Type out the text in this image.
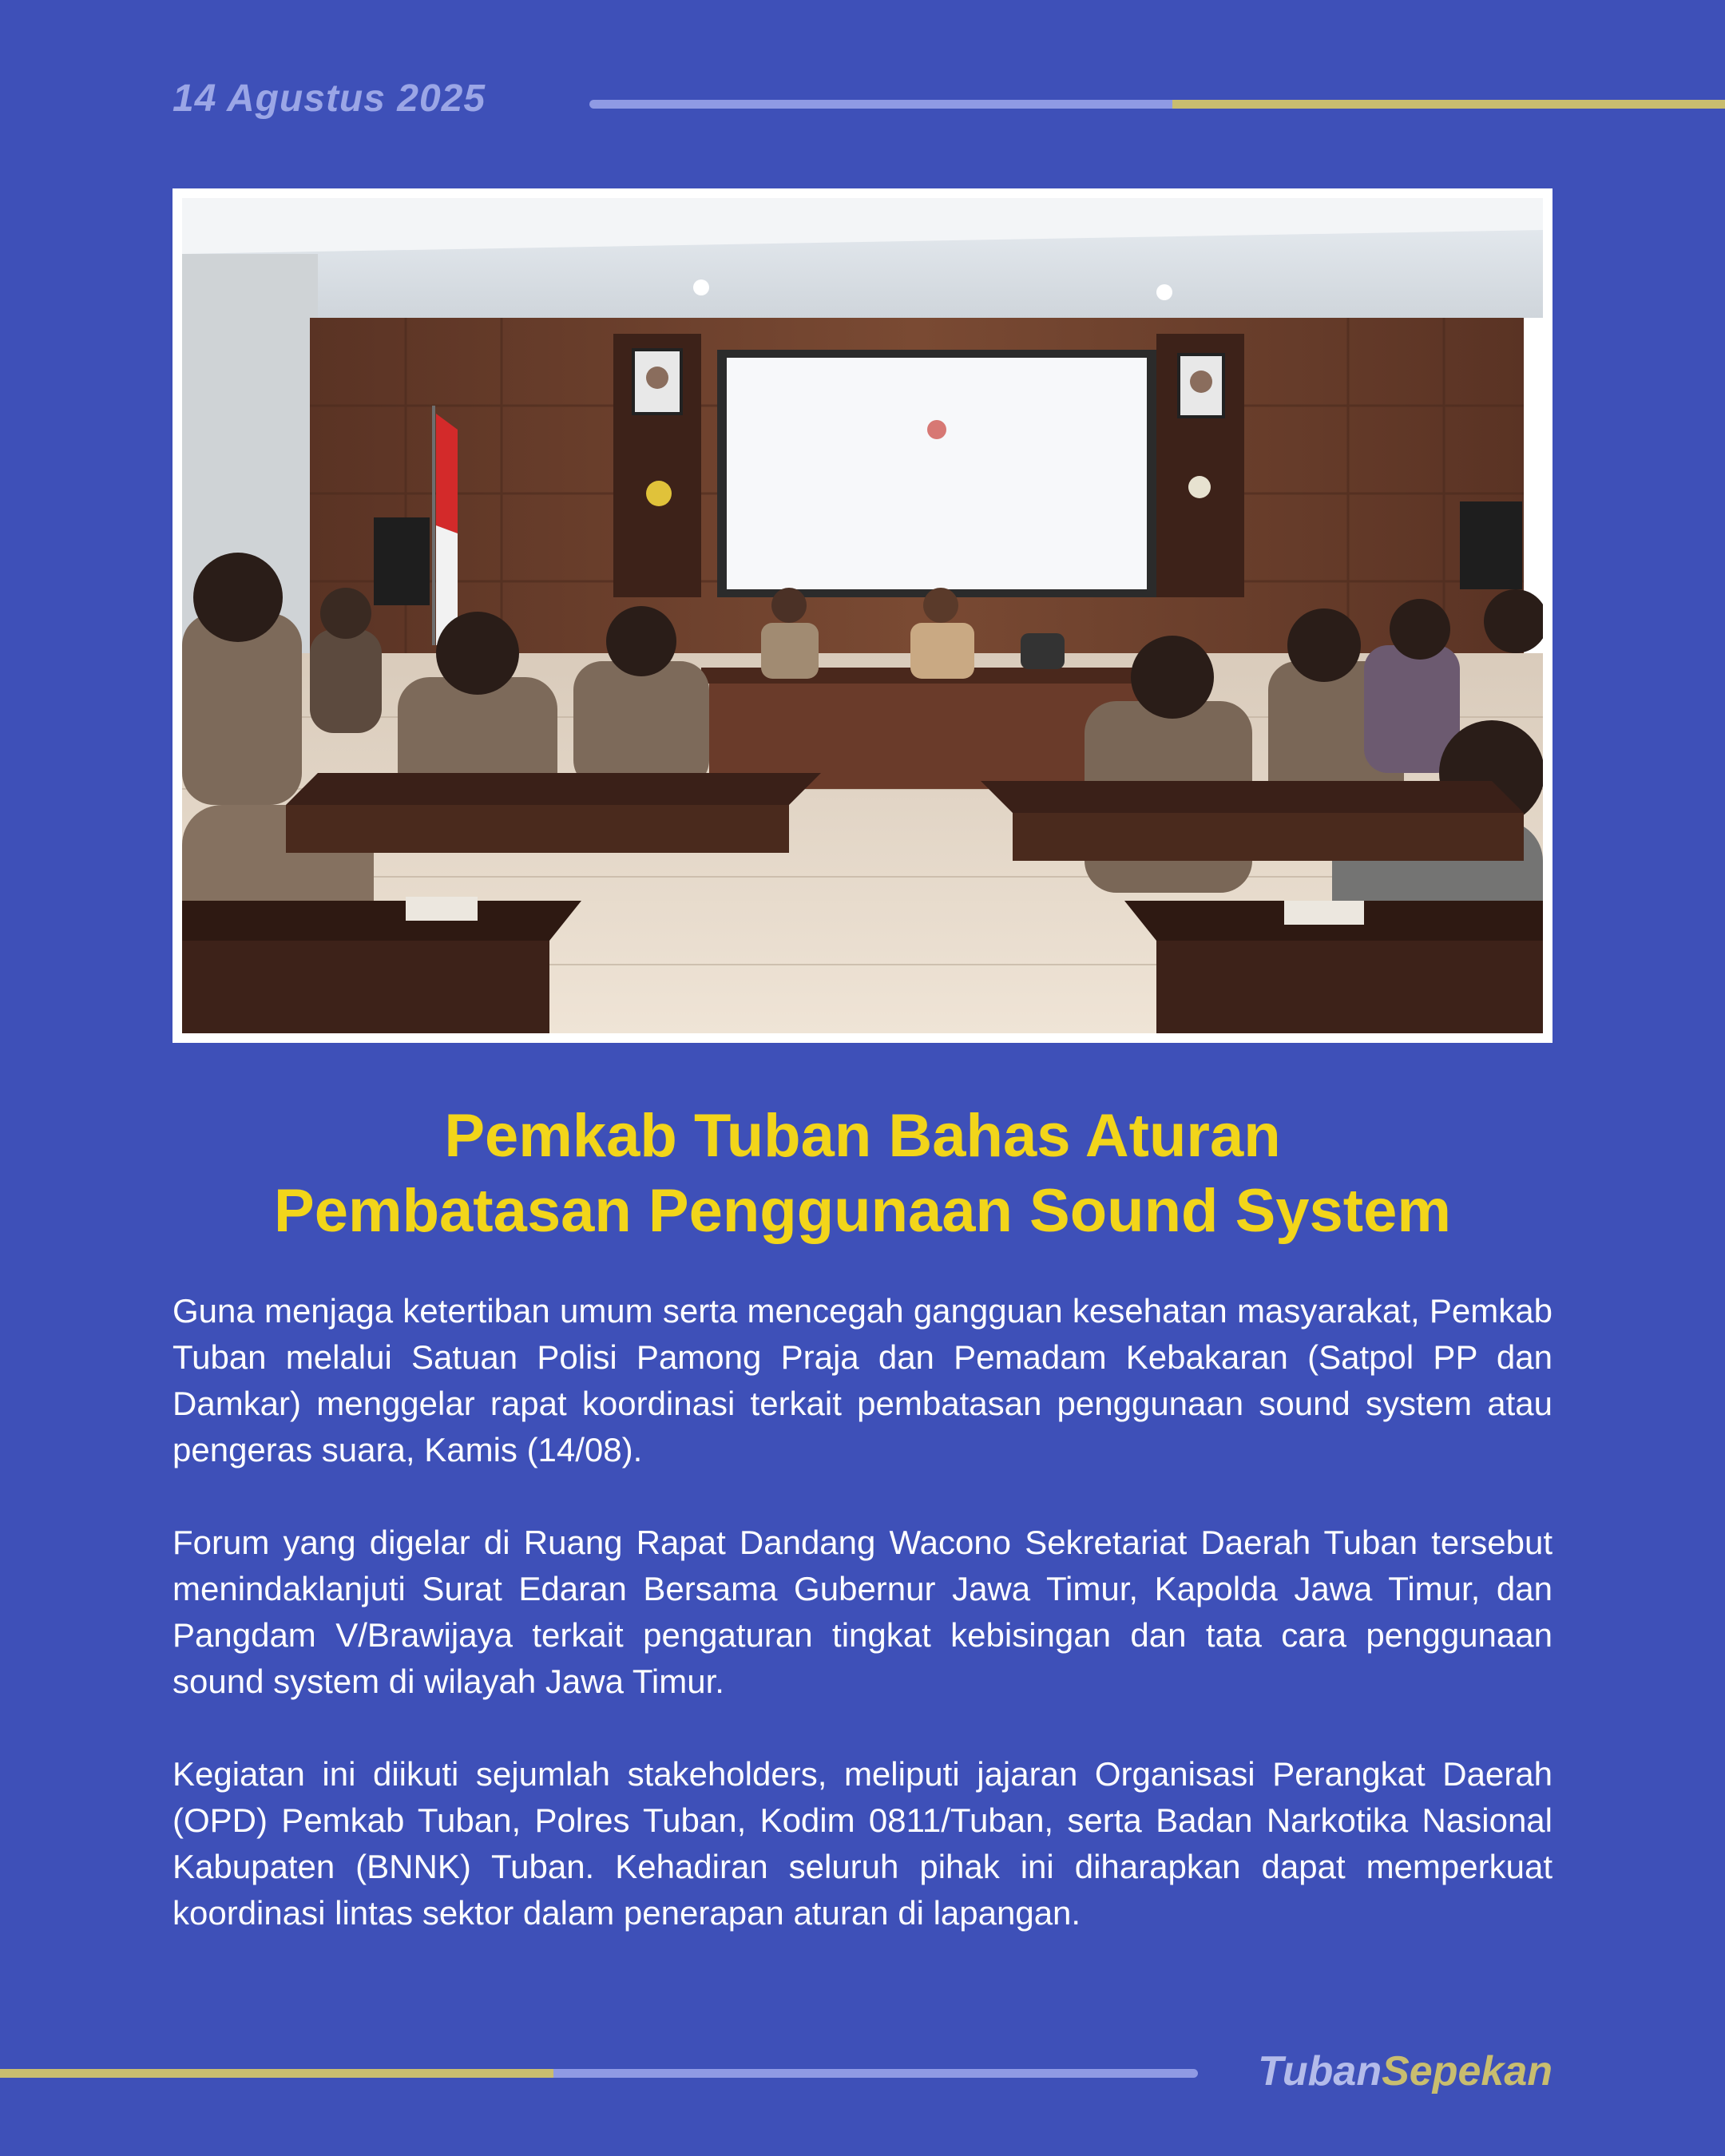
14 Agustus 2025
Pemkab Tuban Bahas Aturan
Pembatasan Penggunaan Sound System

Guna menjaga ketertiban umum serta mencegah gangguan kesehatan masyarakat, Pemkab Tuban melalui Satuan Polisi Pamong Praja dan Pemadam Kebakaran (Satpol PP dan Damkar) menggelar rapat koordinasi terkait pembatasan penggunaan sound system atau pengeras suara, Kamis (14/08).

Forum yang digelar di Ruang Rapat Dandang Wacono Sekretariat Daerah Tuban tersebut menindaklanjuti Surat Edaran Bersama Gubernur Jawa Timur, Kapolda Jawa Timur, dan Pangdam V/Brawijaya terkait pengaturan tingkat kebisingan dan tata cara penggunaan sound system di wilayah Jawa Timur.

Kegiatan ini diikuti sejumlah stakeholders, meliputi jajaran Organisasi Perangkat Daerah (OPD) Pemkab Tuban, Polres Tuban, Kodim 0811/Tuban, serta Badan Narkotika Nasional Kabupaten (BNNK) Tuban. Kehadiran seluruh pihak ini diharapkan dapat memperkuat koordinasi lintas sektor dalam penerapan aturan di lapangan.

TubanSepekan
